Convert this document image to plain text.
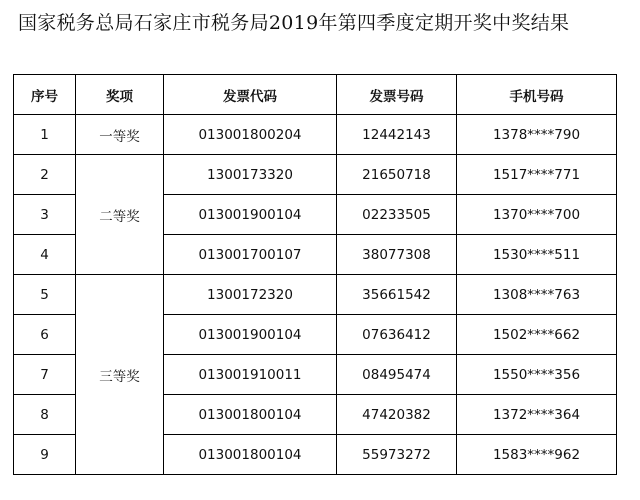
国家税务总局石家庄市税务局2019年第四季度定期开奖中奖结果
序号	奖项	发票代码	发票号码	手机号码
1	一等奖	013001800204	12442143	1378****790
2	二等奖	1300173320	21650718	1517****771
3		013001900104	02233505	1370****700
4		013001700107	38077308	1530****511
5	三等奖	1300172320	35661542	1308****763
6		013001900104	07636412	1502****662
7		013001910011	08495474	1550****356
8		013001800104	47420382	1372****364
9		013001800104	55973272	1583****962
